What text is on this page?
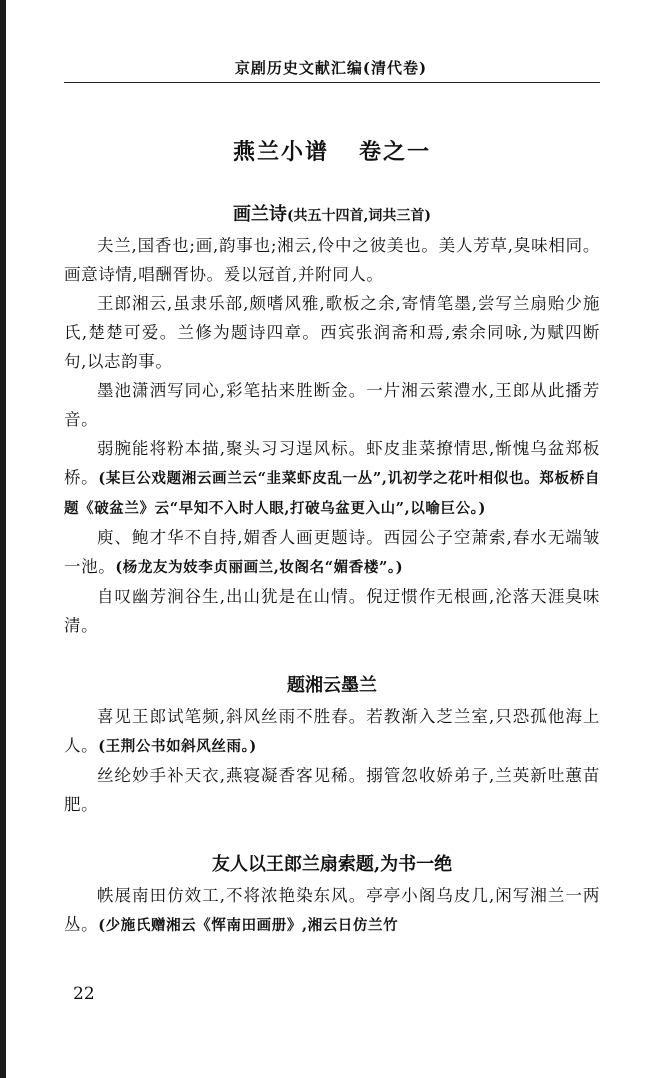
京剧历史文献汇编(清代卷)
燕兰小谱 卷之一
画兰诗(共五十四首,词共三首)

夫兰,国香也;画,韵事也;湘云,伶中之彼美也。美人芳草,臭味相同。画意诗情,唱酬胥协。爰以冠首,并附同人。

王郎湘云,虽隶乐部,颇嗜风雅,歌板之余,寄情笔墨,尝写兰扇贻少施氏,楚楚可爱。兰修为题诗四章。西宾张润斋和焉,索余同咏,为赋四断句,以志韵事。

墨池潇洒写同心,彩笔拈来胜断金。一片湘云萦澧水,王郎从此播芳音。

弱腕能将粉本描,聚头习习逞风标。虾皮韭菜撩情思,惭愧乌盆郑板桥。(某巨公戏题湘云画兰云“韭菜虾皮乱一丛”,讥初学之花叶相似也。郑板桥自题《破盆兰》云“早知不入时人眼,打破乌盆更入山”,以喻巨公。)

庾、鲍才华不自持,媚香人画更题诗。西园公子空萧索,春水无端皱一池。(杨龙友为妓李贞丽画兰,妆阁名“媚香楼”。)

自叹幽芳涧谷生,出山犹是在山情。倪迂惯作无根画,沦落天涯臭味清。

题湘云墨兰

喜见王郎试笔频,斜风丝雨不胜春。若教渐入芝兰室,只恐孤他海上人。(王荆公书如斜风丝雨。)

丝纶妙手补天衣,燕寝凝香客见稀。搦管忽收娇弟子,兰英新吐蕙苗肥。

友人以王郎兰扇索题,为书一绝

帙展南田仿效工,不将浓艳染东风。亭亭小阁乌皮几,闲写湘兰一两丛。(少施氏赠湘云《恽南田画册》,湘云日仿兰竹

22
